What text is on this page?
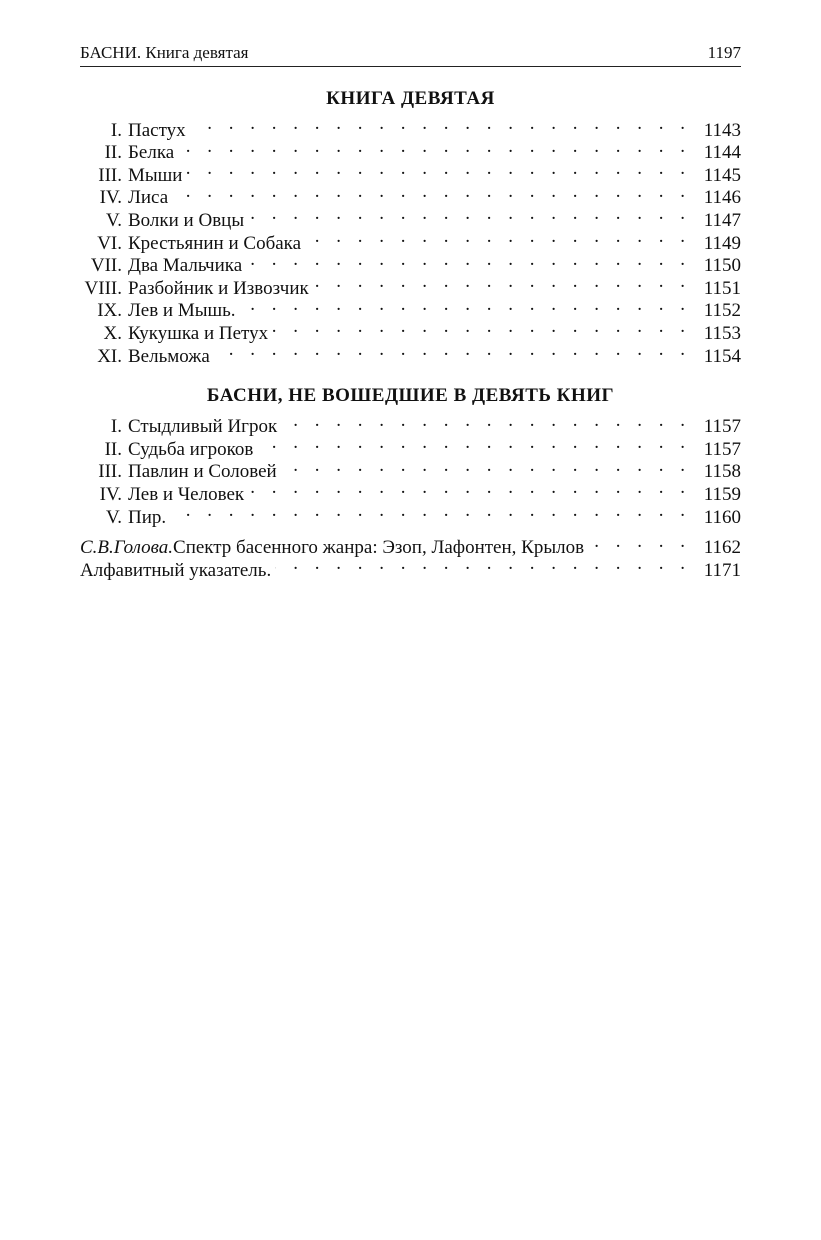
БАСНИ. Книга девятая	1197
КНИГА ДЕВЯТАЯ
I. Пастух . . .	1143
II. Белка . . .	1144
III. Мыши . . .	1145
IV. Лиса . . .	1146
V. Волки и Овцы . . .	1147
VI. Крестьянин и Собака . . .	1149
VII. Два Мальчика . . .	1150
VIII. Разбойник и Извозчик . . .	1151
IX. Лев и Мышь. . . .	1152
X. Кукушка и Петух . . .	1153
XI. Вельможа . . .	1154
БАСНИ, НЕ ВОШЕДШИЕ В ДЕВЯТЬ КНИГ
I. Стыдливый Игрок . . .	1157
II. Судьба игроков . . .	1157
III. Павлин и Соловей . . .	1158
IV. Лев и Человек . . .	1159
V. Пир. . . .	1160
С.В.Голова.Спектр басенного жанра: Эзоп, Лафонтен, Крылов . . .	1162
Алфавитный указатель. . . .	1171
